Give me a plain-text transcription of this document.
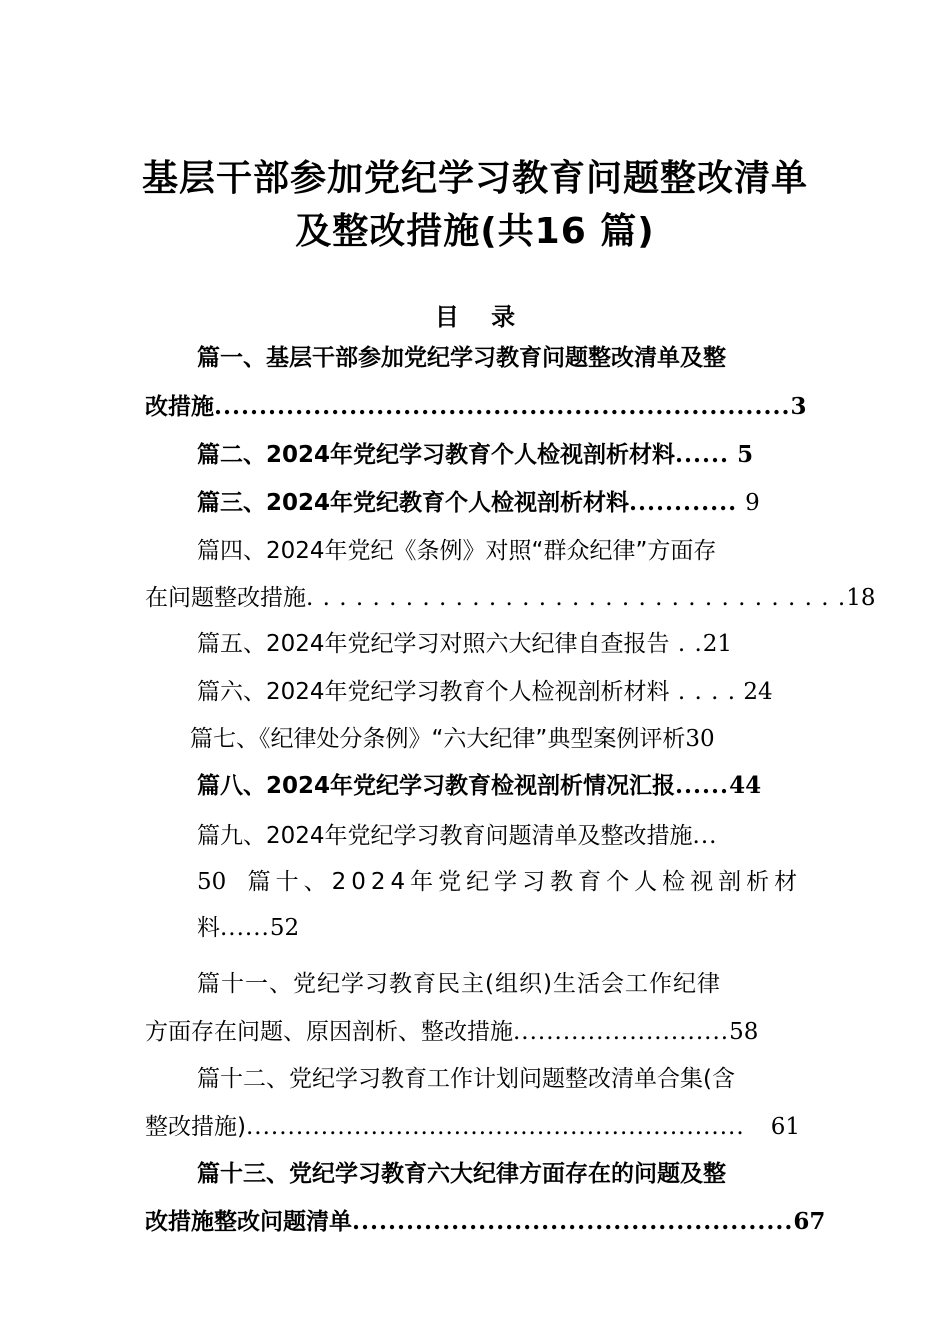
基层干部参加党纪学习教育问题整改清单
及整改措施(共16 篇)
目 录
篇一、基层干部参加党纪学习教育问题整改清单及整
改措施 ................................................................ 3
篇二、2024年党纪学习教育个人检视剖析材料...... 5
篇三、2024年党纪教育个人检视剖析材料............ 9
篇四、2024年党纪《条例》对照“群众纪律”方面存
在问题整改措施 . . . . . . . . . . . . . . . . . . . . . . . . . . . . . . . . . 18
篇五、2024年党纪学习对照六大纪律自查报告 . .21
篇六、2024年党纪学习教育个人检视剖析材料 . . . . 24
篇七、《纪律处分条例》“六大纪律”典型案例评析30
篇八、2024年党纪学习教育检视剖析情况汇报......44
篇九、2024年党纪学习教育问题清单及整改措施...
50 篇十、2024年党纪学习教育个人检视剖析材
料......52
篇十一、党纪学习教育民主(组织)生活会工作纪律
方面存在问题、原因剖析、整改措施..........................58
篇十二、党纪学习教育工作计划问题整改清单合集(含
整改措施) ............................................................	61
篇十三、党纪学习教育六大纪律方面存在的问题及整
改措施整改问题清单 ................................................. 67
